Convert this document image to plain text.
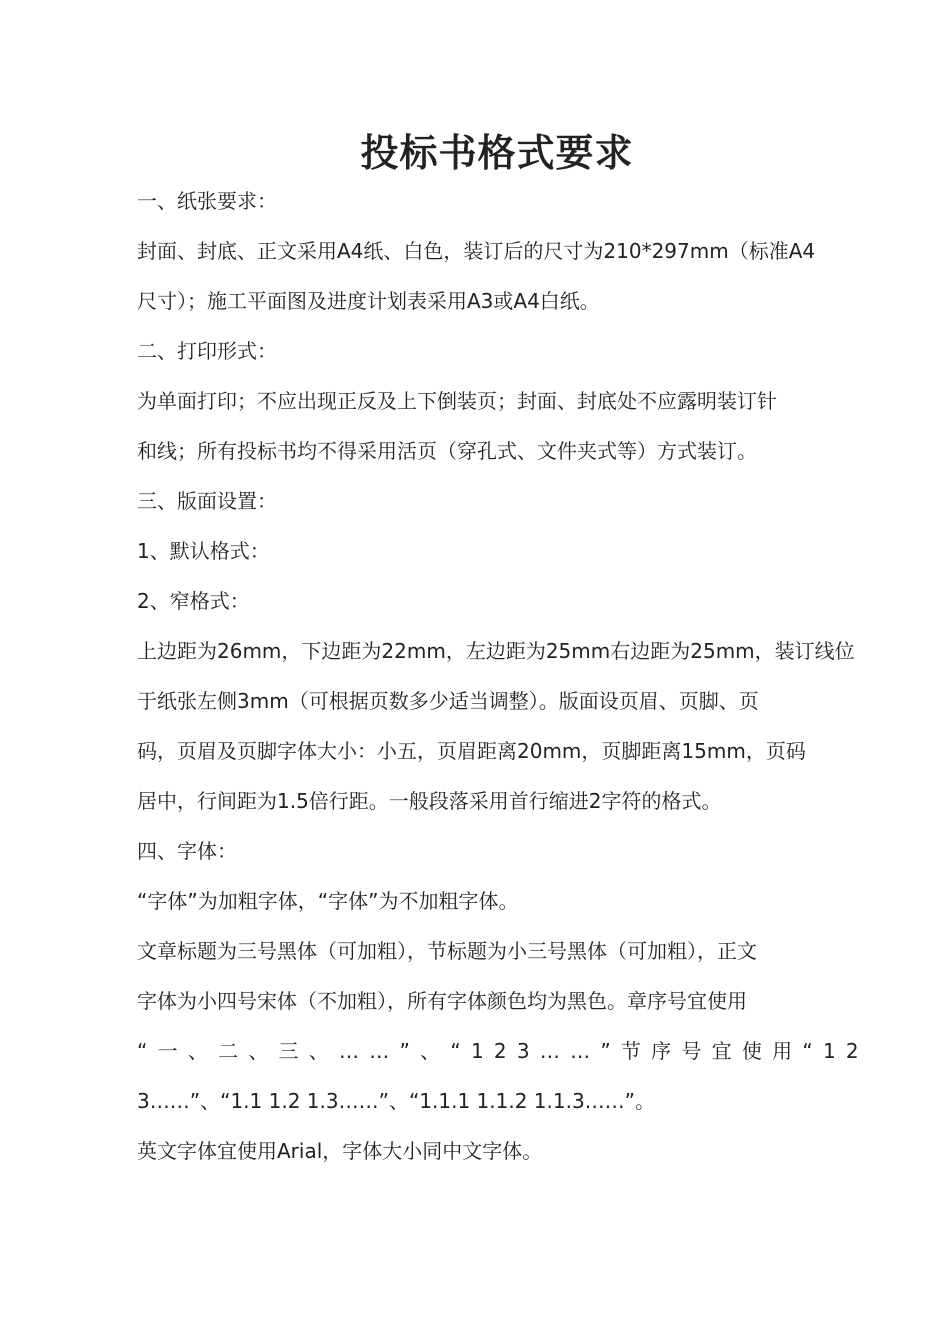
投标书格式要求
一、纸张要求：
封面、封底、正文采用A4纸、白色，装订后的尺寸为210*297mm（标准A4
尺寸）；施工平面图及进度计划表采用A3或A4白纸。
二、打印形式：
为单面打印；不应出现正反及上下倒装页；封面、封底处不应露明装订针
和线；所有投标书均不得采用活页（穿孔式、文件夹式等）方式装订。
三、版面设置：
1、默认格式：
2、窄格式：
上边距为26mm，下边距为22mm，左边距为25mm右边距为25mm，装订线位
于纸张左侧3mm（可根据页数多少适当调整）。版面设页眉、页脚、页
码，页眉及页脚字体大小：小五，页眉距离20mm，页脚距离15mm，页码
居中，行间距为1.5倍行距。一般段落采用首行缩进2字符的格式。
四、字体：
“字体”为加粗字体，“字体”为不加粗字体。
文章标题为三号黑体（可加粗），节标题为小三号黑体（可加粗），正文
字体为小四号宋体（不加粗），所有字体颜色均为黑色。章序号宜使用
“ 一 、 二 、 三 、 … … ” 、 “ 1 2 3 … … ” 节 序 号 宜 使 用 “ 1 2
3……”、“1.1 1.2 1.3……”、“1.1.1 1.1.2 1.1.3……”。
英文字体宜使用Arial，字体大小同中文字体。
